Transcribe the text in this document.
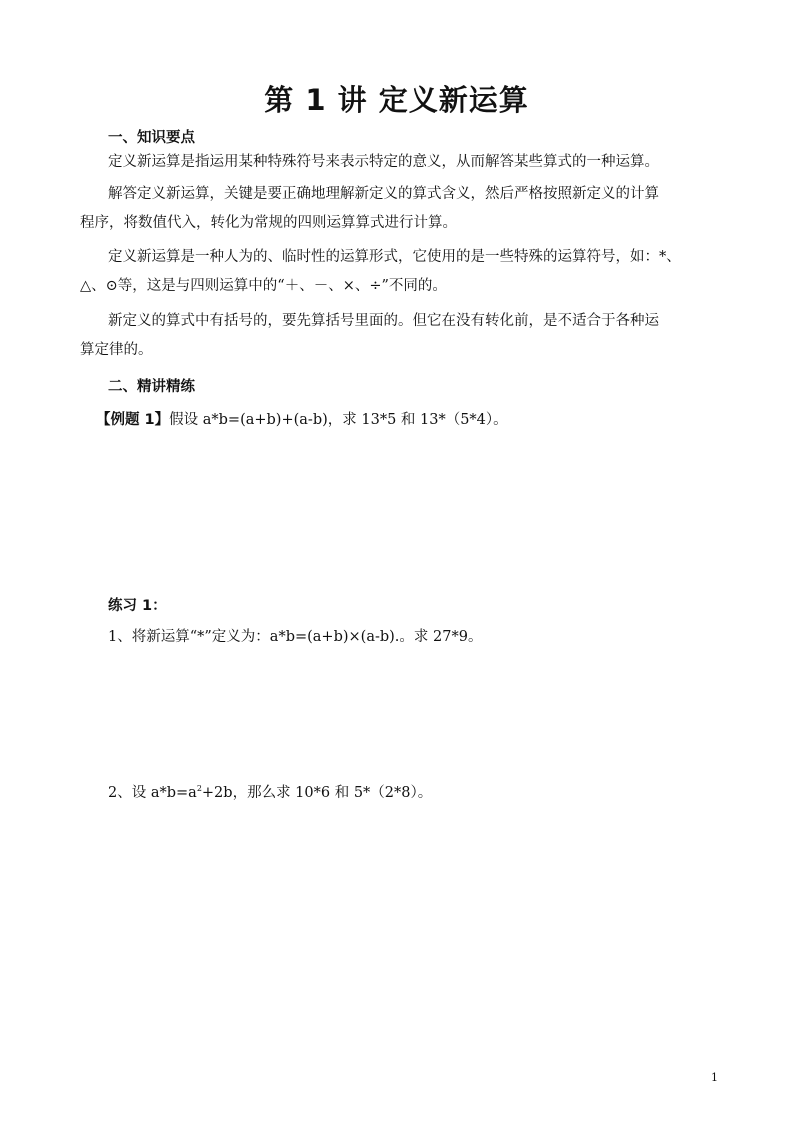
第 1 讲 定义新运算
一、知识要点
定义新运算是指运用某种特殊符号来表示特定的意义，从而解答某些算式的一种运算。
解答定义新运算，关键是要正确地理解新定义的算式含义，然后严格按照新定义的计算
程序，将数值代入，转化为常规的四则运算算式进行计算。
定义新运算是一种人为的、临时性的运算形式，它使用的是一些特殊的运算符号，如：*、
△、⊙等，这是与四则运算中的“＋、－、×、÷”不同的。
新定义的算式中有括号的，要先算括号里面的。但它在没有转化前，是不适合于各种运
算定律的。
二、精讲精练
【例题 1】假设 a*b=(a+b)+(a-b)，求 13*5 和 13*（5*4）。
练习 1：
1、将新运算“*”定义为：a*b=(a+b)×(a-b).。求 27*9。
2、设 $a*b=a^2+2b$，那么求 10*6 和 5*（2*8）。
1
